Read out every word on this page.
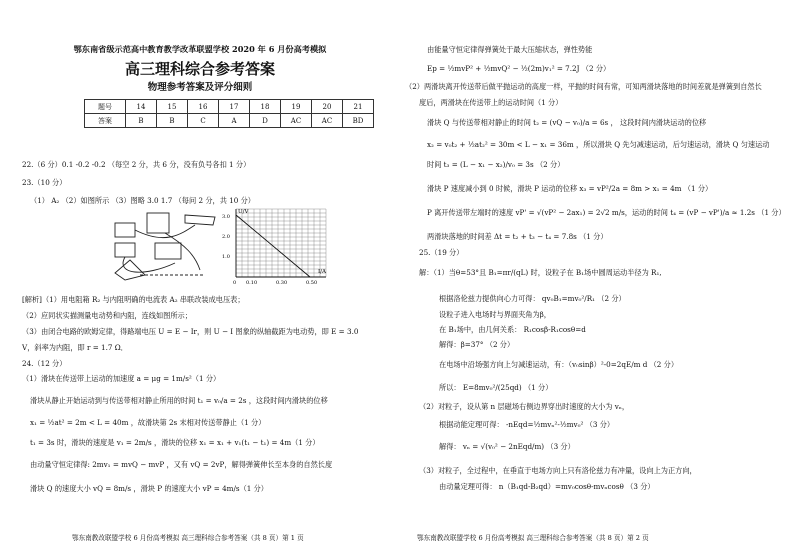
鄂东南省级示范高中教育教学改革联盟学校 2020 年 6 月份高考模拟
高三理科综合参考答案
物理参考答案及评分细则
题号	14	15	16	17	18	19	20	21
答案	B	B	C	A	D	AC	AC	BD
22.（6 分）0.1 -0.2 -0.2 （每空 2 分，共 6 分，没有负号各扣 1 分）
23.（10 分）
（1） A₂ （2）如图所示 （3）图略 3.0 1.7 （每问 2 分，共 10 分）
U/V
I/A
3.0
2.0
1.0
0 0.10	0.30	0.50
[解析]（1）用电阻箱 R₂ 与内阻明确的电流表 A₂ 串联改装成电压表；
（2）应同状实描测量电动势和内阻，连线如图所示；
（3）由闭合电路的欧姆定律，得路端电压 U = E − Ir，则 U − I 图象的纵轴截距为电动势，即 E = 3.0
V，斜率为内阻，即 r = 1.7 Ω．
24.（12 分）
（1）滑块在传送带上运动的加速度 a = μg = 1m/s²（1 分）
滑块从静止开始运动到与传送带相对静止所用的时间 t₁ = v₀/a = 2s ，这段时间内滑块的位移
x₁ = ½at² = 2m < L = 40m ，故滑块第 2s 末相对传送带静止（1 分）
t₁ = 3s 时，滑块的速度是 v₁ = 2m/s ，滑块的位移 x₁ = x₁ + v₁(t₁ − t₁) = 4m（1 分）
由动量守恒定律得: 2mv₁ = mvQ − mvP ，又有 vQ = 2vP，解得弹簧伸长至本身的自然长度
滑块 Q 的速度大小 vQ = 8m/s ，滑块 P 的速度大小 vP = 4m/s（1 分）
鄂东南教改联盟学校 6 月份高考模拟 高三理科综合参考答案（共 8 页）第 1 页
由能量守恒定律得弹簧处于最大压缩状态，弹性势能
Ep = ½mvP² + ½mvQ² − ½(2m)v₁² = 7.2J （2 分）
（2）两滑块离开传送带后做平抛运动的高度一样，平抛的时间有常，可知两滑块落地的时间差就是弹簧到自然长
度后，两滑块在传送带上的运动时间（1 分）
滑块 Q 与传送带相对静止的时间 t₂ = (vQ − v₀)/a = 6s ， 这段时间内滑块运动的位移
x₂ = v₀t₂ + ½at₂² = 30m < L − x₁ = 36m ，所以滑块 Q 先匀减速运动，后匀速运动，滑块 Q 匀速运动
时间 t₃ = (L − x₁ − x₂)/v₀ = 3s （2 分）
滑块 P 速度减小到 0 时候，滑块 P 运动的位移 x₃ = vP²/2a = 8m > x₁ = 4m （1 分）
P 离开传送带左端时的速度 vP' = √(vP² − 2ax₁) = 2√2 m/s，运动的时间 t₄ = (vP − vP')/a ≈ 1.2s （1 分）
两滑块落地的时间差 Δt = t₂ + t₃ − t₄ = 7.8s （1 分）
25.（19 分）
解：（1）当θ=53°且 B₁=πr/(qL) 时，设粒子在 B₁场中圆周运动半径为 R₁,
根据洛伦兹力提供向心力可得： qv₀B₁=mv₀²/R₁ （2 分）
设粒子进入电场时与界面夹角为β，
在 B₁场中，由几何关系： R₁cosβ-R₁cosθ=d
解得：β=37° （2 分）
在电场中沿场强方向上匀减速运动，有：（v₀sinβ）²-0=2qE/m d （2 分）
所以： E=8mv₀²/(25qd) （1 分）
（2）对粒子，设从第 n 层磁场右侧边界穿出时速度的大小为 vₙ，
根据动能定理可得： -nEqd=½mvₙ²-½mv₀² （3 分）
解得： vₙ = √(v₀² − 2nEqd/m) （3 分）
（3）对粒子，全过程中，在垂直于电场方向上只有洛伦兹力有冲量，设向上为正方向，
由动量定理可得： n（B₁qd-B₂qd）=mv₀cosθ-mvₙcosθ （3 分）
鄂东南教改联盟学校 6 月份高考模拟 高三理科综合参考答案（共 8 页）第 2 页
